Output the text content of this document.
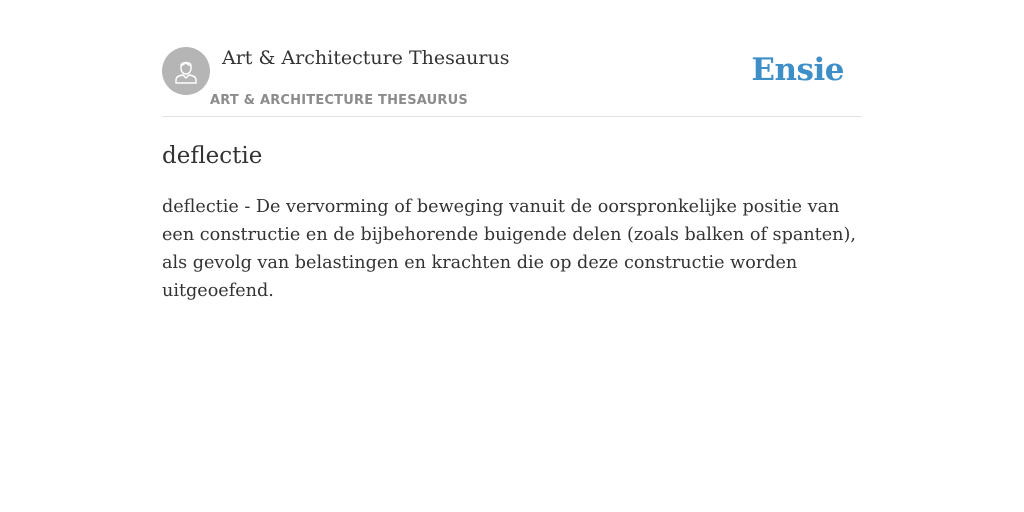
Art & Architecture Thesaurus
ART & ARCHITECTURE THESAURUS
Ensie
deflectie

deflectie - De vervorming of beweging vanuit de oorspronkelijke positie van een constructie en de bijbehorende buigende delen (zoals balken of spanten), als gevolg van belastingen en krachten die op deze constructie worden uitgeoefend.
